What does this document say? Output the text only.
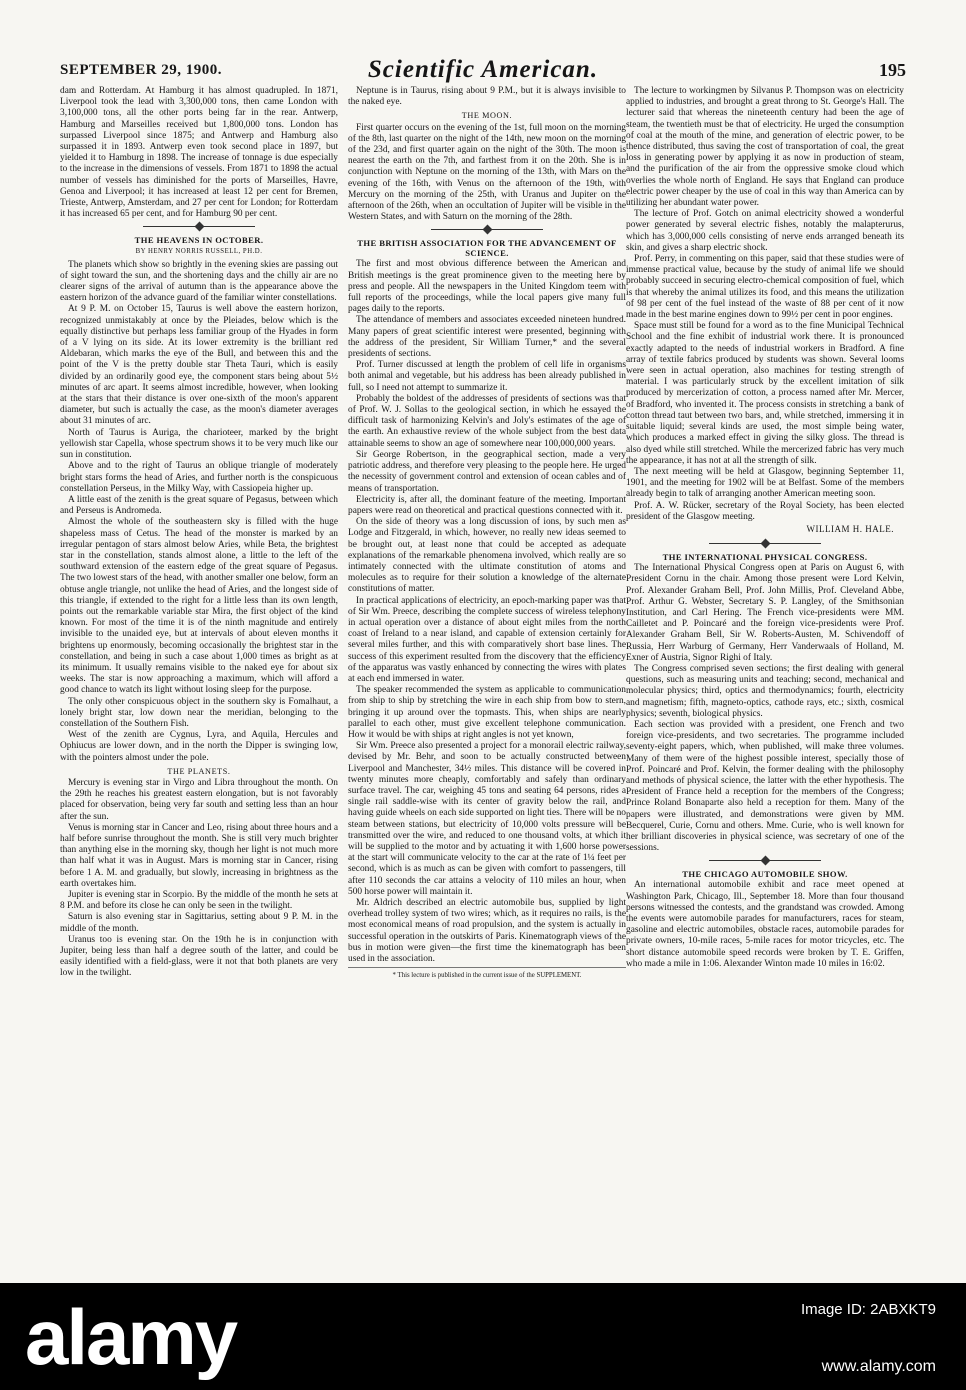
SEPTEMBER 29, 1900.	Scientific American.	195

dam and Rotterdam. At Hamburg it has almost quadrupled. In 1871, Liverpool took the lead with 3,300,000 tons, then came London with 3,100,000 tons, all the other ports being far in the rear. Antwerp, Hamburg and Marseilles received but 1,800,000 tons. London has surpassed Liverpool since 1875; and Antwerp and Hamburg also surpassed it in 1893. Antwerp even took second place in 1897, but yielded it to Hamburg in 1898. The increase of tonnage is due especially to the increase in the dimensions of vessels. From 1871 to 1898 the actual number of vessels has diminished for the ports of Marseilles, Havre, Genoa and Liverpool; it has increased at least 12 per cent for Bremen, Trieste, Antwerp, Amsterdam, and 27 per cent for London; for Rotterdam it has increased 65 per cent, and for Hamburg 90 per cent.

THE HEAVENS IN OCTOBER.

BY HENRY NORRIS RUSSELL, PH.D.

The planets which show so brightly in the evening skies are passing out of sight toward the sun, and the shortening days and the chilly air are no clearer signs of the arrival of autumn than is the appearance above the eastern horizon of the advance guard of the familiar winter constellations.

At 9 P. M. on October 15, Taurus is well above the eastern horizon, recognized unmistakably at once by the Pleiades, below which is the equally distinctive but perhaps less familiar group of the Hyades in form of a V lying on its side. At its lower extremity is the brilliant red Aldebaran, which marks the eye of the Bull, and between this and the point of the V is the pretty double star Theta Tauri, which is easily divided by an ordinarily good eye, the component stars being about 5½ minutes of arc apart. It seems almost incredible, however, when looking at the stars that their distance is over one-sixth of the moon's apparent diameter, but such is actually the case, as the moon's diameter averages about 31 minutes of arc.

North of Taurus is Auriga, the charioteer, marked by the bright yellowish star Capella, whose spectrum shows it to be very much like our sun in constitution.

Above and to the right of Taurus an oblique triangle of moderately bright stars forms the head of Aries, and further north is the conspicuous constellation Perseus, in the Milky Way, with Cassiopeia higher up.

A little east of the zenith is the great square of Pegasus, between which and Perseus is Andromeda.

Almost the whole of the southeastern sky is filled with the huge shapeless mass of Cetus. The head of the monster is marked by an irregular pentagon of stars almost below Aries, while Beta, the brightest star in the constellation, stands almost alone, a little to the left of the southward extension of the eastern edge of the great square of Pegasus. The two lowest stars of the head, with another smaller one below, form an obtuse angle triangle, not unlike the head of Aries, and the longest side of this triangle, if extended to the right for a little less than its own length, points out the remarkable variable star Mira, the first object of the kind known. For most of the time it is of the ninth magnitude and entirely invisible to the unaided eye, but at intervals of about eleven months it brightens up enormously, becoming occasionally the brightest star in the constellation, and being in such a case about 1,000 times as bright as at its minimum. It usually remains visible to the naked eye for about six weeks. The star is now approaching a maximum, which will afford a good chance to watch its light without losing sleep for the purpose.

The only other conspicuous object in the southern sky is Fomalhaut, a lonely bright star, low down near the meridian, belonging to the constellation of the Southern Fish.

West of the zenith are Cygnus, Lyra, and Aquila, Hercules and Ophiucus are lower down, and in the north the Dipper is swinging low, with the pointers almost under the pole.

THE PLANETS.

Mercury is evening star in Virgo and Libra throughout the month. On the 29th he reaches his greatest eastern elongation, but is not favorably placed for observation, being very far south and setting less than an hour after the sun.

Venus is morning star in Cancer and Leo, rising about three hours and a half before sunrise throughout the month. She is still very much brighter than anything else in the morning sky, though her light is not much more than half what it was in August. Mars is morning star in Cancer, rising before 1 A. M. and gradually, but slowly, increasing in brightness as the earth overtakes him.

Jupiter is evening star in Scorpio. By the middle of the month he sets at 8 P.M. and before its close he can only be seen in the twilight.

Saturn is also evening star in Sagittarius, setting about 9 P. M. in the middle of the month.

Uranus too is evening star. On the 19th he is in conjunction with Jupiter, being less than half a degree south of the latter, and could be easily identified with a field-glass, were it not that both planets are very low in the twilight.

Neptune is in Taurus, rising about 9 P.M., but it is always invisible to the naked eye.

THE MOON.

First quarter occurs on the evening of the 1st, full moon on the morning of the 8th, last quarter on the night of the 14th, new moon on the morning of the 23d, and first quarter again on the night of the 30th. The moon is nearest the earth on the 7th, and farthest from it on the 20th. She is in conjunction with Neptune on the morning of the 13th, with Mars on the evening of the 16th, with Venus on the afternoon of the 19th, with Mercury on the morning of the 25th, with Uranus and Jupiter on the afternoon of the 26th, when an occultation of Jupiter will be visible in the Western States, and with Saturn on the morning of the 28th.

THE BRITISH ASSOCIATION FOR THE ADVANCEMENT OF SCIENCE.

The first and most obvious difference between the American and British meetings is the great prominence given to the meeting here by press and people. All the newspapers in the United Kingdom teem with full reports of the proceedings, while the local papers give many full pages daily to the reports.

The attendance of members and associates exceeded nineteen hundred. Many papers of great scientific interest were presented, beginning with the address of the president, Sir William Turner,* and the several presidents of sections.

Prof. Turner discussed at length the problem of cell life in organisms both animal and vegetable, but his address has been already published in full, so I need not attempt to summarize it.

Probably the boldest of the addresses of presidents of sections was that of Prof. W. J. Sollas to the geological section, in which he essayed the difficult task of harmonizing Kelvin's and Joly's estimates of the age of the earth. An exhaustive review of the whole subject from the best data attainable seems to show an age of somewhere near 100,000,000 years.

Sir George Robertson, in the geographical section, made a very patriotic address, and therefore very pleasing to the people here. He urged the necessity of government control and extension of ocean cables and of means of transportation.

Electricity is, after all, the dominant feature of the meeting. Important papers were read on theoretical and practical questions connected with it.

On the side of theory was a long discussion of ions, by such men as Lodge and Fitzgerald, in which, however, no really new ideas seemed to be brought out, at least none that could be accepted as adequate explanations of the remarkable phenomena involved, which really are so intimately connected with the ultimate constitution of atoms and molecules as to require for their solution a knowledge of the alternate constitutions of matter.

In practical applications of electricity, an epoch-marking paper was that of Sir Wm. Preece, describing the complete success of wireless telephony in actual operation over a distance of about eight miles from the north coast of Ireland to a near island, and capable of extension certainly for several miles further, and this with comparatively short base lines. The success of this experiment resulted from the discovery that the efficiency of the apparatus was vastly enhanced by connecting the wires with plates at each end immersed in water.

The speaker recommended the system as applicable to communication from ship to ship by stretching the wire in each ship from bow to stern, bringing it up around over the topmasts. This, when ships are nearly parallel to each other, must give excellent telephone communication. How it would be with ships at right angles is not yet known,

Sir Wm. Preece also presented a project for a monorail electric railway, devised by Mr. Behr, and soon to be actually constructed between Liverpool and Manchester, 34½ miles. This distance will be covered in twenty minutes more cheaply, comfortably and safely than ordinary surface travel. The car, weighing 45 tons and seating 64 persons, rides a single rail saddle-wise with its center of gravity below the rail, and having guide wheels on each side supported on light ties. There will be no steam between stations, but electricity of 10,000 volts pressure will be transmitted over the wire, and reduced to one thousand volts, at which it will be supplied to the motor and by actuating it with 1,600 horse power at the start will communicate velocity to the car at the rate of 1¼ feet per second, which is as much as can be given with comfort to passengers, till after 110 seconds the car attains a velocity of 110 miles an hour, when 500 horse power will maintain it.

Mr. Aldrich described an electric automobile bus, supplied by light overhead trolley system of two wires; which, as it requires no rails, is the most economical means of road propulsion, and the system is actually in successful operation in the outskirts of Paris. Kinematograph views of the bus in motion were given—the first time the kinematograph has been used in the association.

* This lecture is published in the current issue of the SUPPLEMENT.

The lecture to workingmen by Silvanus P. Thompson was on electricity applied to industries, and brought a great throng to St. George's Hall. The lecturer said that whereas the nineteenth century had been the age of steam, the twentieth must be that of electricity. He urged the consumption of coal at the mouth of the mine, and generation of electric power, to be thence distributed, thus saving the cost of transportation of coal, the great loss in generating power by applying it as now in production of steam, and the purification of the air from the oppressive smoke cloud which overlies the whole north of England. He says that England can produce electric power cheaper by the use of coal in this way than America can by utilizing her abundant water power.

The lecture of Prof. Gotch on animal electricity showed a wonderful power generated by several electric fishes, notably the malapterurus, which has 3,000,000 cells consisting of nerve ends arranged beneath its skin, and gives a sharp electric shock.

Prof. Perry, in commenting on this paper, said that these studies were of immense practical value, because by the study of animal life we should probably succeed in securing electro-chemical composition of fuel, which is that whereby the animal utilizes its food, and this means the utilization of 98 per cent of the fuel instead of the waste of 88 per cent of it now made in the best marine engines down to 99½ per cent in poor engines.

Space must still be found for a word as to the fine Municipal Technical School and the fine exhibit of industrial work there. It is pronounced exactly adapted to the needs of industrial workers in Bradford. A fine array of textile fabrics produced by students was shown. Several looms were seen in actual operation, also machines for testing strength of material. I was particularly struck by the excellent imitation of silk produced by mercerization of cotton, a process named after Mr. Mercer, of Bradford, who invented it. The process consists in stretching a bank of cotton thread taut between two bars, and, while stretched, immersing it in suitable liquid; several kinds are used, the most simple being water, which produces a marked effect in giving the silky gloss. The thread is also dyed while still stretched. While the mercerized fabric has very much the appearance, it has not at all the strength of silk.

The next meeting will be held at Glasgow, beginning September 11, 1901, and the meeting for 1902 will be at Belfast. Some of the members already begin to talk of arranging another American meeting soon.

Prof. A. W. Rücker, secretary of the Royal Society, has been elected president of the Glasgow meeting.

WILLIAM H. HALE.

THE INTERNATIONAL PHYSICAL CONGRESS.

The International Physical Congress open at Paris on August 6, with President Cornu in the chair. Among those present were Lord Kelvin, Prof. Alexander Graham Bell, Prof. John Millis, Prof. Cleveland Abbe, Prof. Arthur G. Webster, Secretary S. P. Langley, of the Smithsonian Institution, and Carl Hering. The French vice-presidents were MM. Cailletet and P. Poincaré and the foreign vice-presidents were Prof. Alexander Graham Bell, Sir W. Roberts-Austen, M. Schivendoff of Russia, Herr Warburg of Germany, Herr Vanderwaals of Holland, M. Exner of Austria, Signor Righi of Italy.

The Congress comprised seven sections; the first dealing with general questions, such as measuring units and teaching; second, mechanical and molecular physics; third, optics and thermodynamics; fourth, electricity and magnetism; fifth, magneto-optics, cathode rays, etc.; sixth, cosmical physics; seventh, biological physics.

Each section was provided with a president, one French and two foreign vice-presidents, and two secretaries. The programme included seventy-eight papers, which, when published, will make three volumes. Many of them were of the highest possible interest, specially those of Prof. Poincaré and Prof. Kelvin, the former dealing with the philosophy and methods of physical science, the latter with the ether hypothesis. The President of France held a reception for the members of the Congress; Prince Roland Bonaparte also held a reception for them. Many of the papers were illustrated, and demonstrations were given by MM. Becquerel, Curie, Cornu and others. Mme. Curie, who is well known for her brilliant discoveries in physical science, was secretary of one of the sessions.

THE CHICAGO AUTOMOBILE SHOW.

An international automobile exhibit and race meet opened at Washington Park, Chicago, Ill., September 18. More than four thousand persons witnessed the contests, and the grandstand was crowded. Among the events were automobile parades for manufacturers, races for steam, gasoline and electric automobiles, obstacle races, automobile parades for private owners, 10-mile races, 5-mile races for motor tricycles, etc. The short distance automobile speed records were broken by T. E. Griffen, who made a mile in 1:06. Alexander Winton made 10 miles in 16:02.

alamy	Image ID: 2ABXKT9
www.alamy.com
